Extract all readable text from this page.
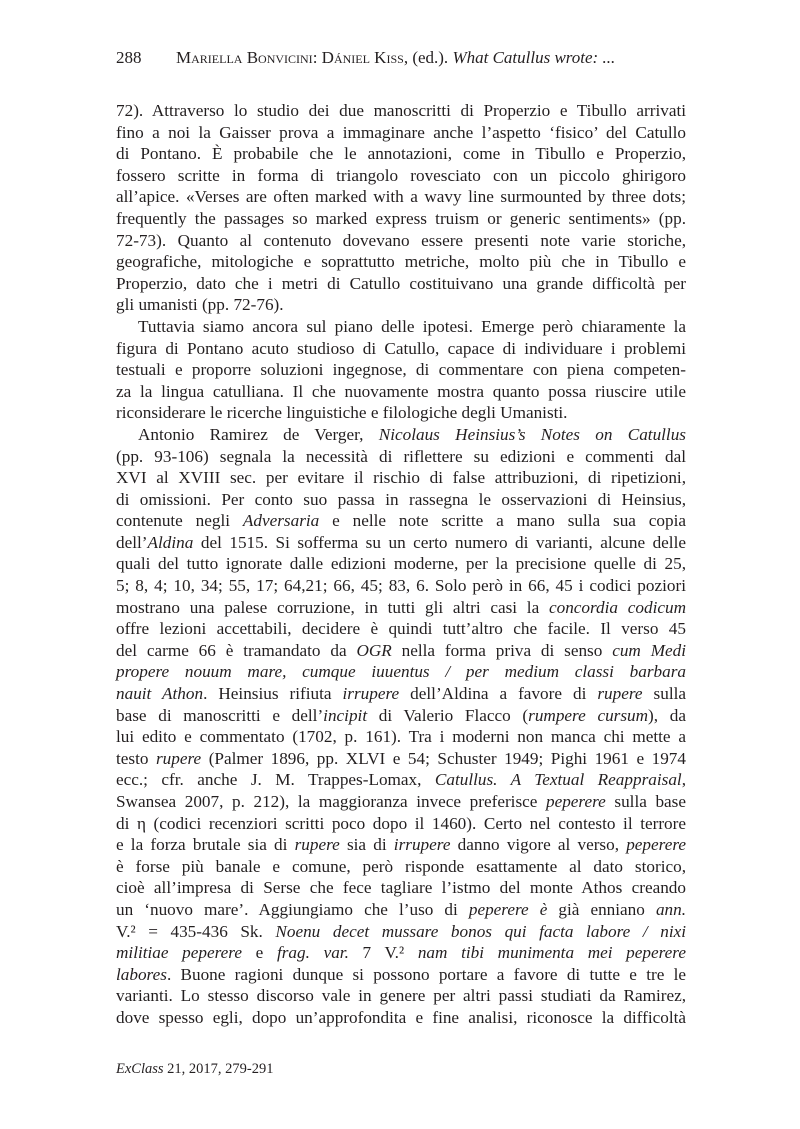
288 Mariella Bonvicini: Dániel Kiss, (ed.). What Catullus wrote: ...
72). Attraverso lo studio dei due manoscritti di Properzio e Tibullo arrivati
fino a noi la Gaisser prova a immaginare anche l’aspetto ‘fisico’ del Catullo
di Pontano. È probabile che le annotazioni, come in Tibullo e Properzio,
fossero scritte in forma di triangolo rovesciato con un piccolo ghirigoro
all’apice. «Verses are often marked with a wavy line surmounted by three dots;
frequently the passages so marked express truism or generic sentiments» (pp.
72-73). Quanto al contenuto dovevano essere presenti note varie storiche,
geografiche, mitologiche e soprattutto metriche, molto più che in Tibullo e
Properzio, dato che i metri di Catullo costituivano una grande difficoltà per
gli umanisti (pp. 72-76).
Tuttavia siamo ancora sul piano delle ipotesi. Emerge però chiaramente la
figura di Pontano acuto studioso di Catullo, capace di individuare i problemi
testuali e proporre soluzioni ingegnose, di commentare con piena competen-
za la lingua catulliana. Il che nuovamente mostra quanto possa riuscire utile
riconsiderare le ricerche linguistiche e filologiche degli Umanisti.
Antonio Ramirez de Verger, Nicolaus Heinsius’s Notes on Catullus
(pp. 93-106) segnala la necessità di riflettere su edizioni e commenti dal
XVI al XVIII sec. per evitare il rischio di false attribuzioni, di ripetizioni,
di omissioni. Per conto suo passa in rassegna le osservazioni di Heinsius,
contenute negli Adversaria e nelle note scritte a mano sulla sua copia
dell’Aldina del 1515. Si sofferma su un certo numero di varianti, alcune delle
quali del tutto ignorate dalle edizioni moderne, per la precisione quelle di 25,
5; 8, 4; 10, 34; 55, 17; 64,21; 66, 45; 83, 6. Solo però in 66, 45 i codici poziori
mostrano una palese corruzione, in tutti gli altri casi la concordia codicum
offre lezioni accettabili, decidere è quindi tutt’altro che facile. Il verso 45
del carme 66 è tramandato da OGR nella forma priva di senso cum Medi
propere nouum mare, cumque iuuentus / per medium classi barbara
nauit Athon. Heinsius rifiuta irrupere dell’Aldina a favore di rupere sulla
base di manoscritti e dell’incipit di Valerio Flacco (rumpere cursum), da
lui edito e commentato (1702, p. 161). Tra i moderni non manca chi mette a
testo rupere (Palmer 1896, pp. XLVI e 54; Schuster 1949; Pighi 1961 e 1974
ecc.; cfr. anche J. M. Trappes-Lomax, Catullus. A Textual Reappraisal,
Swansea 2007, p. 212), la maggioranza invece preferisce peperere sulla base
di η (codici recenziori scritti poco dopo il 1460). Certo nel contesto il terrore
e la forza brutale sia di rupere sia di irrupere danno vigore al verso, peperere
è forse più banale e comune, però risponde esattamente al dato storico,
cioè all’impresa di Serse che fece tagliare l’istmo del monte Athos creando
un ‘nuovo mare’. Aggiungiamo che l’uso di peperere è già enniano ann.
V.² = 435-436 Sk. Noenu decet mussare bonos qui facta labore / nixi
militiae peperere e frag. var. 7 V.² nam tibi munimenta mei peperere
labores. Buone ragioni dunque si possono portare a favore di tutte e tre le
varianti. Lo stesso discorso vale in genere per altri passi studiati da Ramirez,
dove spesso egli, dopo un’approfondita e fine analisi, riconosce la difficoltà
ExClass 21, 2017, 279-291
